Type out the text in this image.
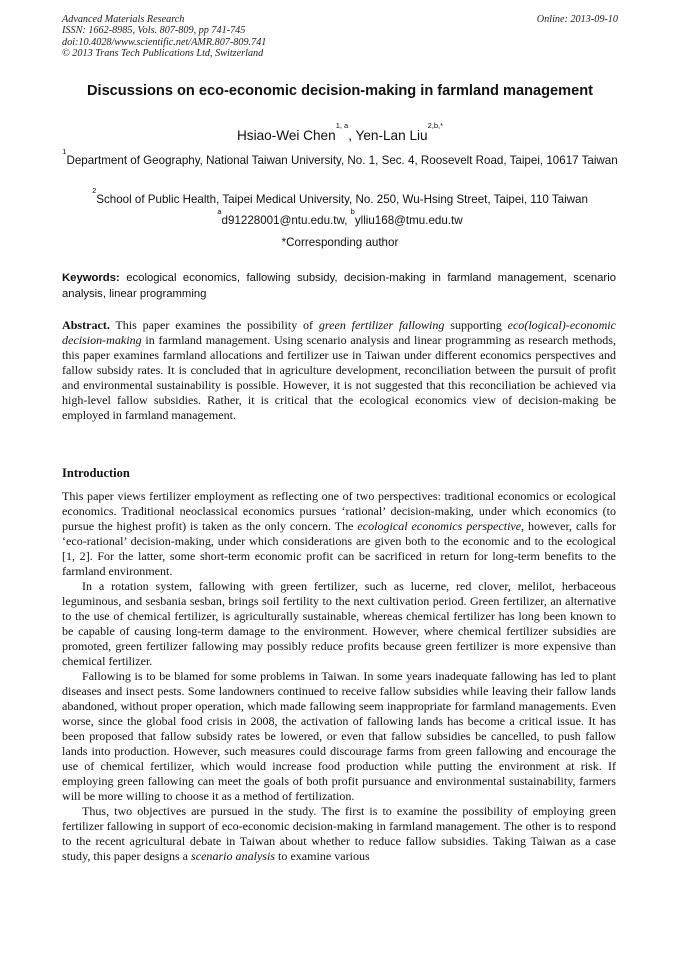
Advanced Materials Research
ISSN: 1662-8985, Vols. 807-809, pp 741-745
doi:10.4028/www.scientific.net/AMR.807-809.741
© 2013 Trans Tech Publications Ltd, Switzerland
Online: 2013-09-10
Discussions on eco-economic decision-making in farmland management
Hsiao-Wei Chen$^{1, a}$, Yen-Lan Liu$^{2,b,*}$
$^1$Department of Geography, National Taiwan University, No. 1, Sec. 4, Roosevelt Road, Taipei, 10617 Taiwan
$^2$School of Public Health, Taipei Medical University, No. 250, Wu-Hsing Street, Taipei, 110 Taiwan
$^a$d91228001@ntu.edu.tw, $^b$ylliu168@tmu.edu.tw
*Corresponding author
Keywords: ecological economics, fallowing subsidy, decision-making in farmland management, scenario analysis, linear programming
Abstract. This paper examines the possibility of green fertilizer fallowing supporting eco(logical)-economic decision-making in farmland management. Using scenario analysis and linear programming as research methods, this paper examines farmland allocations and fertilizer use in Taiwan under different economics perspectives and fallow subsidy rates. It is concluded that in agriculture development, reconciliation between the pursuit of profit and environmental sustainability is possible. However, it is not suggested that this reconciliation be achieved via high-level fallow subsidies. Rather, it is critical that the ecological economics view of decision-making be employed in farmland management.
Introduction

This paper views fertilizer employment as reflecting one of two perspectives: traditional economics or ecological economics. Traditional neoclassical economics pursues ‘rational’ decision-making, under which economics (to pursue the highest profit) is taken as the only concern. The ecological economics perspective, however, calls for ‘eco-rational’ decision-making, under which considerations are given both to the economic and to the ecological [1, 2]. For the latter, some short-term economic profit can be sacrificed in return for long-term benefits to the farmland environment.

In a rotation system, fallowing with green fertilizer, such as lucerne, red clover, melilot, herbaceous leguminous, and sesbania sesban, brings soil fertility to the next cultivation period. Green fertilizer, an alternative to the use of chemical fertilizer, is agriculturally sustainable, whereas chemical fertilizer has long been known to be capable of causing long-term damage to the environment. However, where chemical fertilizer subsidies are promoted, green fertilizer fallowing may possibly reduce profits because green fertilizer is more expensive than chemical fertilizer.

Fallowing is to be blamed for some problems in Taiwan. In some years inadequate fallowing has led to plant diseases and insect pests. Some landowners continued to receive fallow subsidies while leaving their fallow lands abandoned, without proper operation, which made fallowing seem inappropriate for farmland managements. Even worse, since the global food crisis in 2008, the activation of fallowing lands has become a critical issue. It has been proposed that fallow subsidy rates be lowered, or even that fallow subsidies be cancelled, to push fallow lands into production. However, such measures could discourage farms from green fallowing and encourage the use of chemical fertilizer, which would increase food production while putting the environment at risk. If employing green fallowing can meet the goals of both profit pursuance and environmental sustainability, farmers will be more willing to choose it as a method of fertilization.

Thus, two objectives are pursued in the study. The first is to examine the possibility of employing green fertilizer fallowing in support of eco-economic decision-making in farmland management. The other is to respond to the recent agricultural debate in Taiwan about whether to reduce fallow subsidies. Taking Taiwan as a case study, this paper designs a scenario analysis to examine various
